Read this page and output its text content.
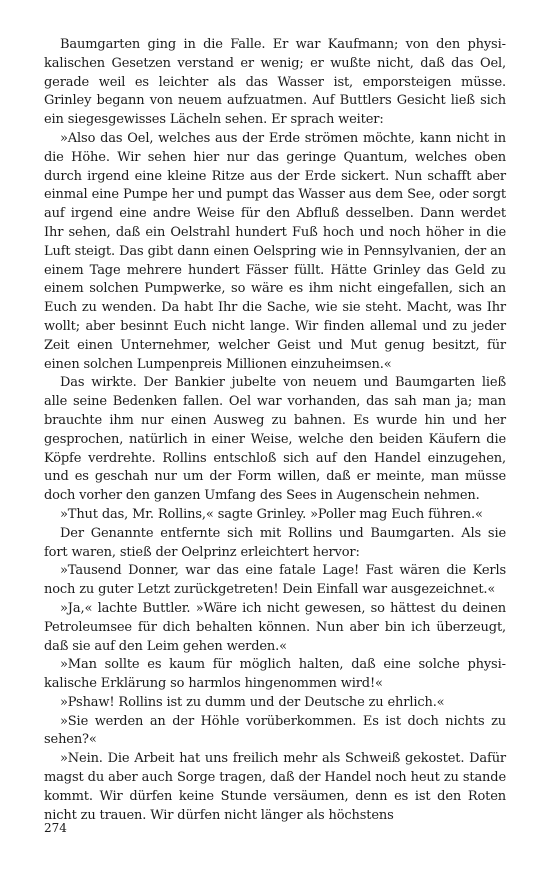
Baumgarten ging in die Falle. Er war Kaufmann; von den physikalischen Gesetzen verstand er wenig; er wußte nicht, daß das Oel, gerade weil es leichter als das Wasser ist, emporsteigen müsse. Grinley begann von neuem aufzuatmen. Auf Buttlers Gesicht ließ sich ein siegesgewisses Lächeln sehen. Er sprach weiter:

»Also das Oel, welches aus der Erde strömen möchte, kann nicht in die Höhe. Wir sehen hier nur das geringe Quantum, welches oben durch irgend eine kleine Ritze aus der Erde sickert. Nun schafft aber einmal eine Pumpe her und pumpt das Wasser aus dem See, oder sorgt auf irgend eine andre Weise für den Abfluß desselben. Dann werdet Ihr sehen, daß ein Oelstrahl hundert Fuß hoch und noch höher in die Luft steigt. Das gibt dann einen Oelspring wie in Pennsylvanien, der an einem Tage mehrere hundert Fässer füllt. Hätte Grinley das Geld zu einem solchen Pumpwerke, so wäre es ihm nicht eingefallen, sich an Euch zu wenden. Da habt Ihr die Sache, wie sie steht. Macht, was Ihr wollt; aber besinnt Euch nicht lange. Wir finden allemal und zu jeder Zeit einen Unternehmer, welcher Geist und Mut genug besitzt, für einen solchen Lumpenpreis Millionen einzuheimsen.«

Das wirkte. Der Bankier jubelte von neuem und Baumgarten ließ alle seine Bedenken fallen. Oel war vorhanden, das sah man ja; man brauchte ihm nur einen Ausweg zu bahnen. Es wurde hin und her gesprochen, natürlich in einer Weise, welche den beiden Käufern die Köpfe verdrehte. Rollins entschloß sich auf den Handel einzugehen, und es geschah nur um der Form willen, daß er meinte, man müsse doch vorher den ganzen Umfang des Sees in Augenschein nehmen.

»Thut das, Mr. Rollins,« sagte Grinley. »Poller mag Euch führen.«

Der Genannte entfernte sich mit Rollins und Baumgarten. Als sie fort waren, stieß der Oelprinz erleichtert hervor:

»Tausend Donner, war das eine fatale Lage! Fast wären die Kerls noch zu guter Letzt zurückgetreten! Dein Einfall war ausgezeichnet.«

»Ja,« lachte Buttler. »Wäre ich nicht gewesen, so hättest du deinen Petroleumsee für dich behalten können. Nun aber bin ich überzeugt, daß sie auf den Leim gehen werden.«

»Man sollte es kaum für möglich halten, daß eine solche physikalische Erklärung so harmlos hingenommen wird!«

»Pshaw! Rollins ist zu dumm und der Deutsche zu ehrlich.«

»Sie werden an der Höhle vorüberkommen. Es ist doch nichts zu sehen?«

»Nein. Die Arbeit hat uns freilich mehr als Schweiß gekostet. Dafür magst du aber auch Sorge tragen, daß der Handel noch heut zu stande kommt. Wir dürfen keine Stunde versäumen, denn es ist den Roten nicht zu trauen. Wir dürfen nicht länger als höchstens

274
